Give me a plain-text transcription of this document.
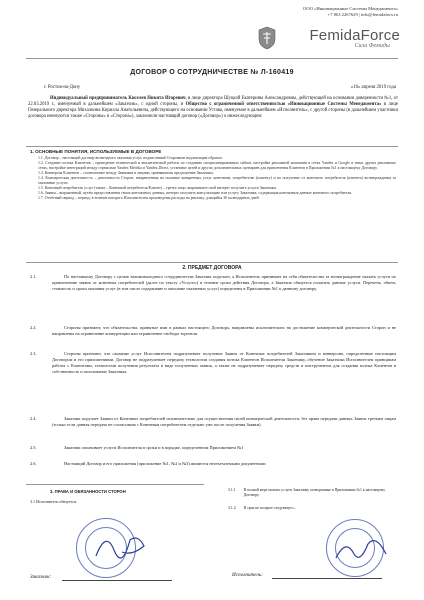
ООО «Инновационные Системы Менеджмента»
+7 863 2267629 | info@femidaforx.ru
FemidaForce
Сила Фемиды
ДОГОВОР О СОТРУДНИЧЕСТВЕ № Л-160419
г. Ростов-на-Дону	«16» апреля 2019 года
Индивидуальный предприниматель Киселев Никита Игоревич, в лице директора Шуцкой Екатерины Александровны, действующей на основании доверенности №1, от 22.03.2019 г., именуемый в дальнейшем «Заказчик», с одной стороны, и Общество с ограниченной ответственностью «Инновационные Системы Менеджмента» в лице Генерального директора Михалкина Кирилла Анатольевича, действующего на основании Устава, именуемое в дальнейшем «Исполнитель», с другой стороны (в дальнейшем участники договора именуются также «Стороны» и «Сторона»), заключили настоящий договор («Договор») о нижеследующем:
1. ОСНОВНЫЕ ПОНЯТИЯ, ИСПОЛЬЗУЕМЫЕ В ДОГОВОРЕ

1.1. Договор – настоящий договор возмездного оказания услуг, подписанный Сторонами надлежащим образом.

1.2. Создание потока Клиентов – проведение технической и аналитической работы по созданию специализированных сайтов, настройке рекламной компании в сетях Yandex и Google и иных других рекламных сетях, настройке интеграций между сервисами Yandex Metrika и Yandex.Direct, установке целей и других дополнительных сценариев для привлечения Клиентов в Приложении №1 к настоящему Договору.

1.3. Конверсия Клиентов – соотношение между Заявками и лицами, принявшими предложение Заказчика.

1.4. Коммерческая деятельность – деятельность Сторон, направленная на оказание конкретных услуг конечному потребителю (клиенту) и на получение от конечного потребителя (клиента) вознаграждения за оказанные услуги.

1.5. Конечный потребитель услуг (также – Конечный потребитель/Клиент) – третье лицо, выразившее свой интерес получить услуги Заказчика.

1.6. Заявка – выраженный, путём предоставления своих контактных данных, интерес получить консультацию или услугу Заказчика, содержащая контактные данные конечного потребителя.

1.7. Отчётный период – период, в течение которого Исполнителем произведены расходы на рекламу, длящийся 30 календарных дней.

2. ПРЕДМЕТ ДОГОВОРА
2.1.	По настоящему Договору с целью взаимовыгодного сотрудничества Заказчик поручает, а Исполнитель принимает на себя обязательства за вознаграждение оказать услуги по привлечению заявок от конечных потребителей (далее по тексту «Услуги») в течение срока действия Договора, а Заказчик обязуется оплатить данные услуги. Перечень, объем, стоимость и сроки оказания услуг (в том числе содержание и описание оказанных услуг) определены в Приложении №1 к данному договору.
2.2.	Стороны признают, что обязательства, принятые ими в рамках настоящего Договора, направлены исключительно на достижение коммерческой деятельности Сторон и не направлены на ограничение конкуренции или ограничение свободы торговли.
2.3.	Стороны признают, что оказание услуг Исполнителем подразумевает получение Заявок от Конечных потребителей Заказчиком и конверсию, определенные настоящим Договором и его приложениями. Договор не подразумевает передачу технологии создания потока Клиентов Исполнителя Заказчику, обучение Заказчика Исполнителем принципам работы с Клиентами, технологии получения результата в виде полученных заявок, а также не подразумевает передачу средств и инструментов для создания потока Клиентов в собственность и пользование Заказчика.
2.4.	Заказчик поручает Заявки от Конечных потребителей исключительно для осуществления своей коммерческой деятельности, без права передачи данных Заявок третьим лицам (только если данная передача не согласована с Конечным потребителем отдельно уже после получения Заявки).
2.5.	Заказчик оплачивает услуги Исполнителя в сроки и в порядке, определенном Приложением №1
2.6.	Настоящий Договор и его приложения (приложение №1, №2 и №3) являются неотъемлемыми документами
3. ПРАВА И ОБЯЗАННОСТИ СТОРОН
3.1 Исполнитель обязуется:
3.1.1 В полной мере оказать услуги Заказчику оговоренные в Приложении №1 к настоящему Договору.
3.1.2 В срок не позднее следующего...
Заказчик:	Исполнитель:
